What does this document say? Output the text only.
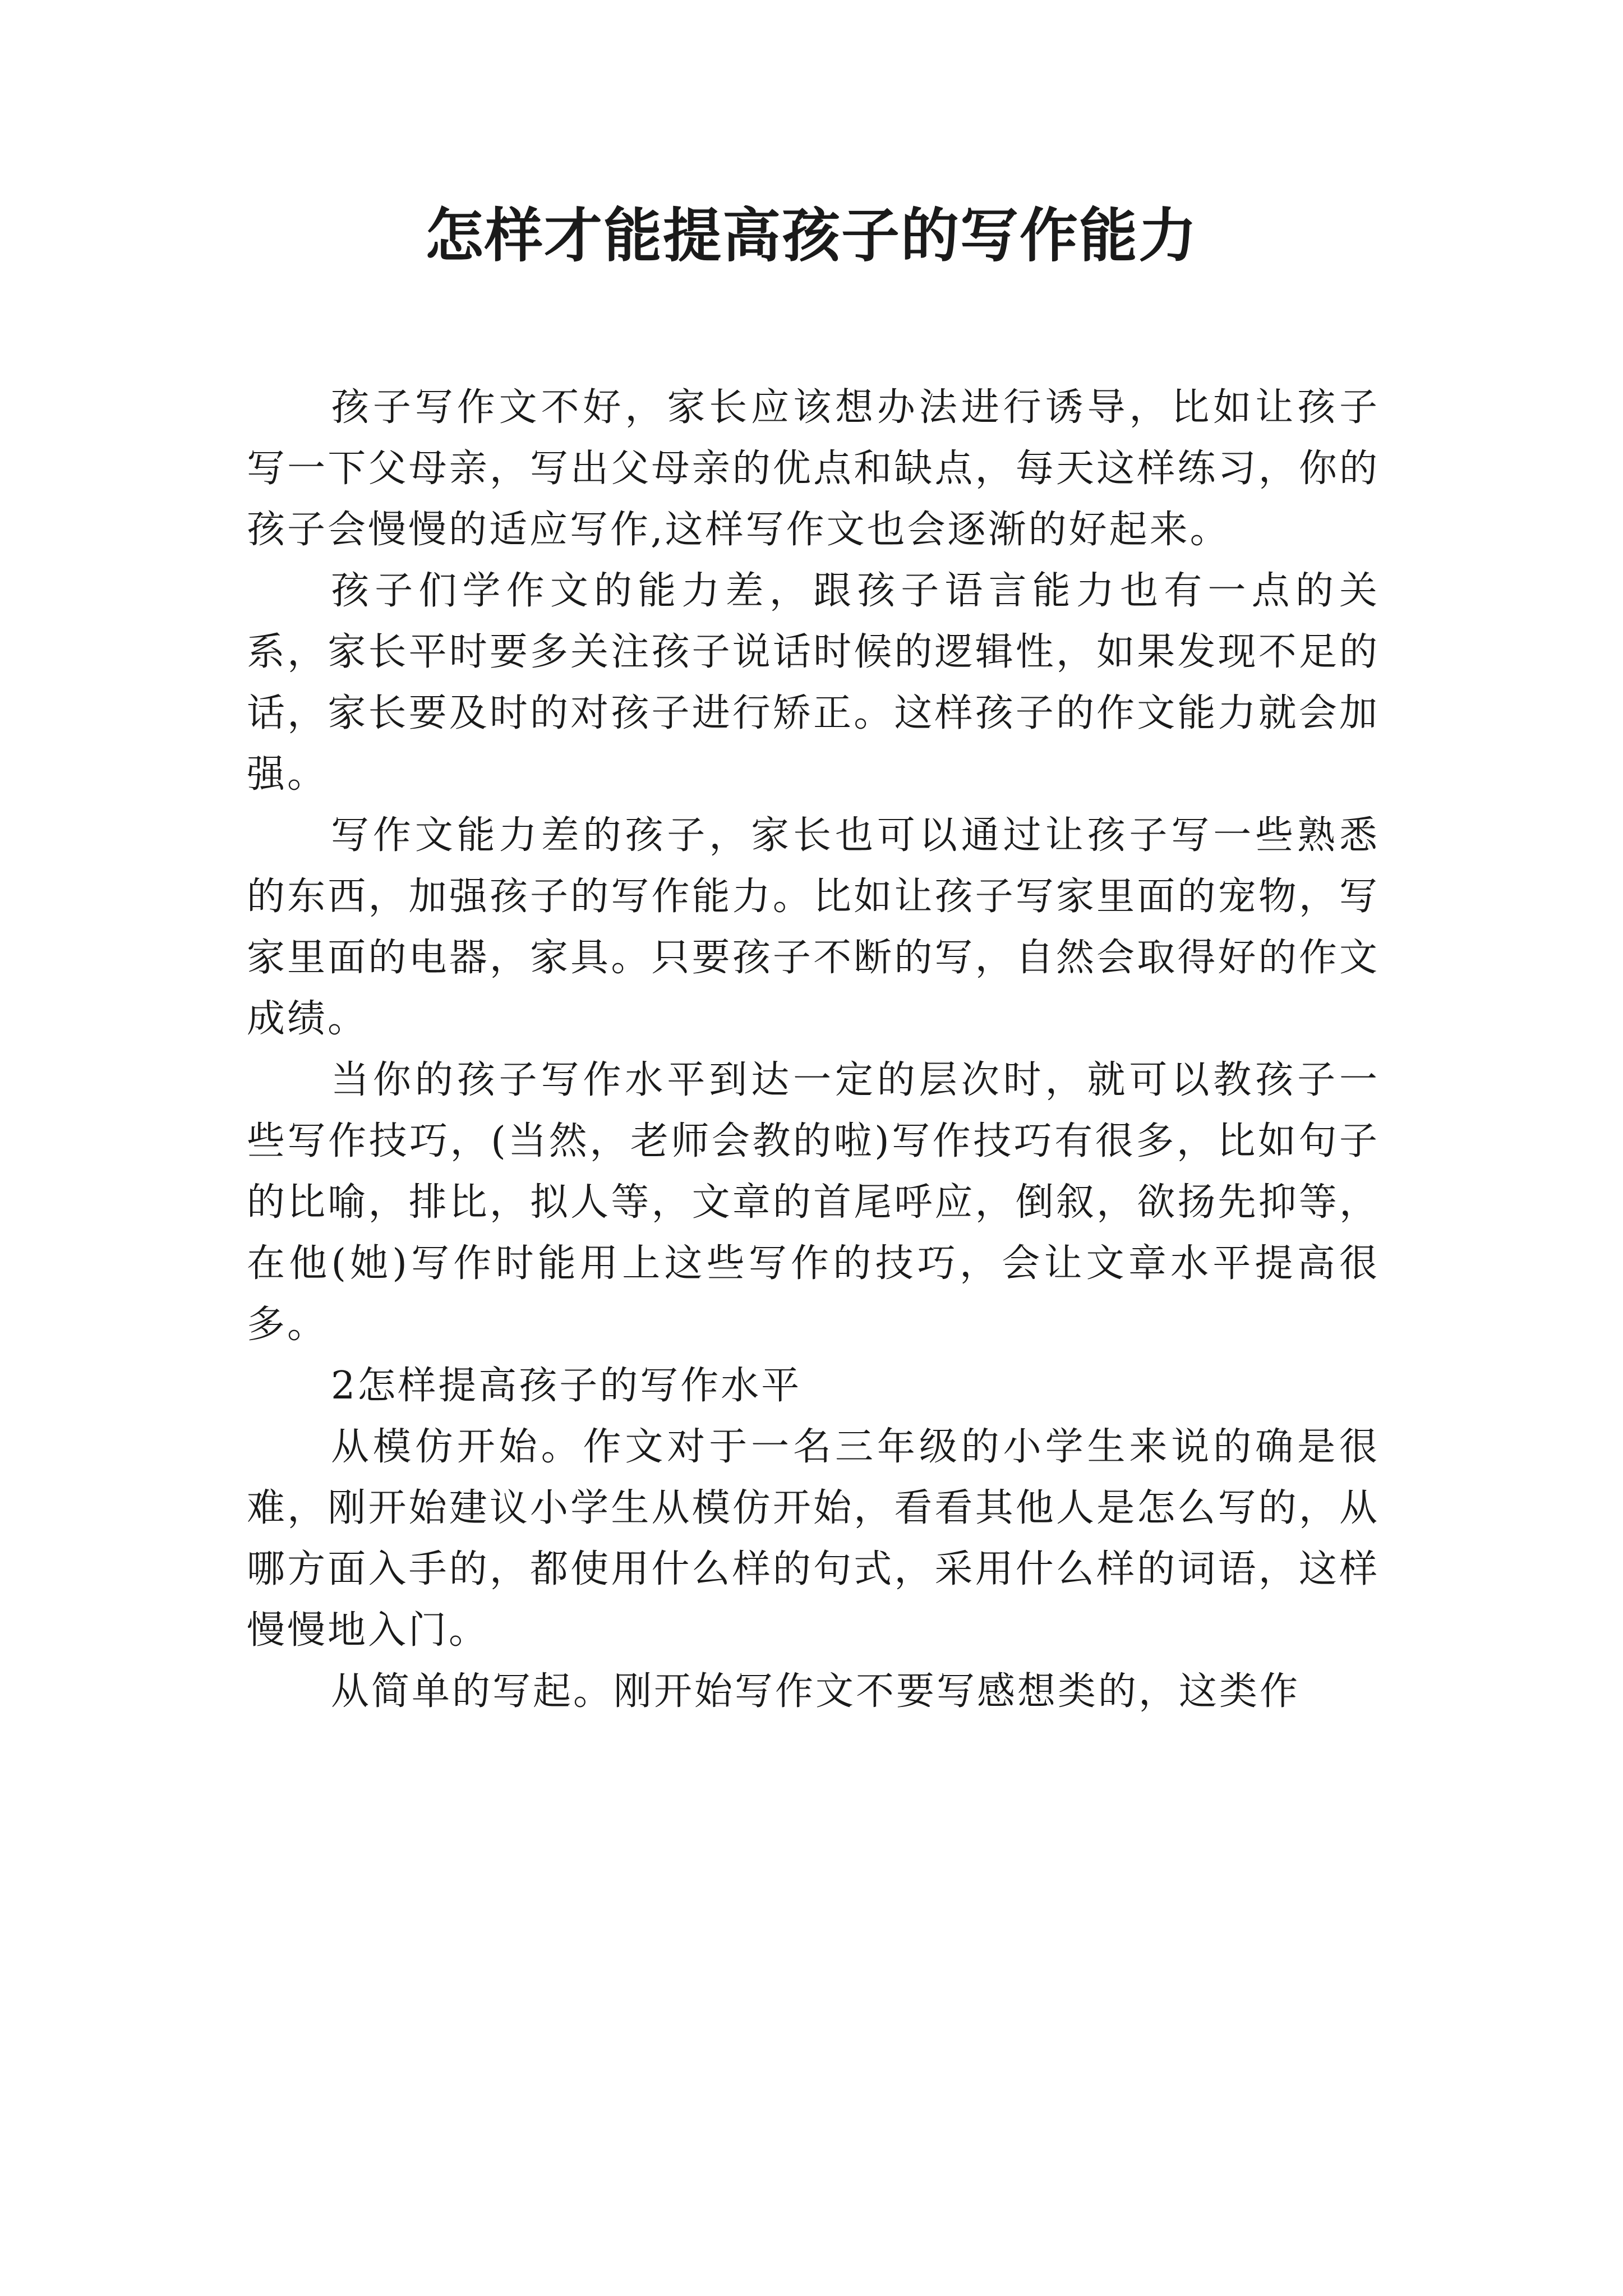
怎样才能提高孩子的写作能力

孩子写作文不好，家长应该想办法进行诱导，比如让孩子写一下父母亲，写出父母亲的优点和缺点，每天这样练习，你的孩子会慢慢的适应写作,这样写作文也会逐渐的好起来。

孩子们学作文的能力差，跟孩子语言能力也有一点的关系，家长平时要多关注孩子说话时候的逻辑性，如果发现不足的话，家长要及时的对孩子进行矫正。这样孩子的作文能力就会加强。

写作文能力差的孩子，家长也可以通过让孩子写一些熟悉的东西，加强孩子的写作能力。比如让孩子写家里面的宠物，写家里面的电器，家具。只要孩子不断的写，自然会取得好的作文成绩。

当你的孩子写作水平到达一定的层次时，就可以教孩子一些写作技巧，(当然，老师会教的啦)写作技巧有很多，比如句子的比喻，排比，拟人等，文章的首尾呼应，倒叙，欲扬先抑等，在他(她)写作时能用上这些写作的技巧，会让文章水平提高很多。

2怎样提高孩子的写作水平

从模仿开始。作文对于一名三年级的小学生来说的确是很难，刚开始建议小学生从模仿开始，看看其他人是怎么写的，从哪方面入手的，都使用什么样的句式，采用什么样的词语，这样慢慢地入门。

从简单的写起。刚开始写作文不要写感想类的，这类作
